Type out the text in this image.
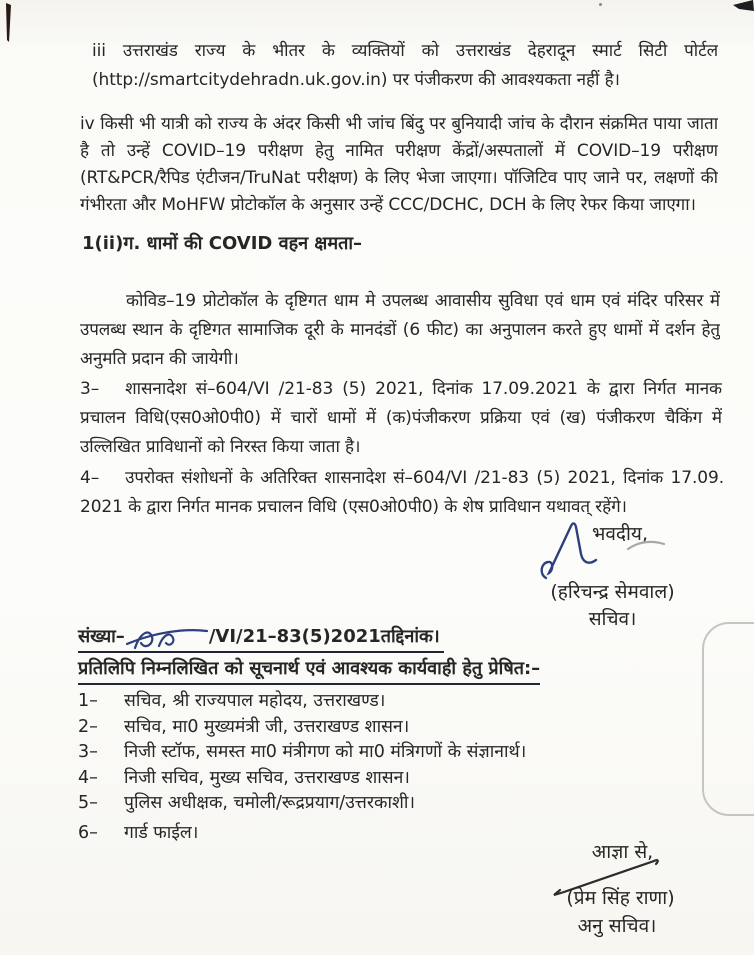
iii उत्तराखंड राज्य के भीतर के व्यक्तियों को उत्तराखंड देहरादून स्मार्ट सिटी पोर्टल (http://smartcitydehradn.uk.gov.in) पर पंजीकरण की आवश्यकता नहीं है।

iv किसी भी यात्री को राज्य के अंदर किसी भी जांच बिंदु पर बुनियादी जांच के दौरान संक्रमित पाया जाता है तो उन्हें COVID–19 परीक्षण हेतु नामित परीक्षण केंद्रों/अस्पतालों में COVID–19 परीक्षण (RT&PCR/रैपिड एंटीजन/TruNat परीक्षण) के लिए भेजा जाएगा। पॉजिटिव पाए जाने पर, लक्षणों की गंभीरता और MoHFW प्रोटोकॉल के अनुसार उन्हें CCC/DCHC, DCH के लिए रेफर किया जाएगा।

1(ii)ग. धामों की COVID वहन क्षमता–

कोविड–19 प्रोटोकॉल के दृष्टिगत धाम मे उपलब्ध आवासीय सुविधा एवं धाम एवं मंदिर परिसर में उपलब्ध स्थान के दृष्टिगत सामाजिक दूरी के मानदंडों (6 फीट) का अनुपालन करते हुए धामों में दर्शन हेतु अनुमति प्रदान की जायेगी।

3– शासनादेश सं–604/VI /21-83 (5) 2021, दिनांक 17.09.2021 के द्वारा निर्गत मानक प्रचालन विधि(एस0ओ0पी0) में चारों धामों में (क)पंजीकरण प्रक्रिया एवं (ख) पंजीकरण चैकिंग में उल्लिखित प्राविधानों को निरस्त किया जाता है।

4– उपरोक्त संशोधनों के अतिरिक्त शासनादेश सं–604/VI /21-83 (5) 2021, दिनांक 17.09. 2021 के द्वारा निर्गत मानक प्रचालन विधि (एस0ओ0पी0) के शेष प्राविधान यथावत् रहेंगे।

भवदीय,
(हरिचन्द्र सेमवाल)
सचिव।
संख्या–	/VI/21–83(5)2021तद्दिनांक।
प्रतिलिपि निम्नलिखित को सूचनार्थ एवं आवश्यक कार्यवाही हेतु प्रेषित:–
1–	सचिव, श्री राज्यपाल महोदय, उत्तराखण्ड।
2–	सचिव, मा0 मुख्यमंत्री जी, उत्तराखण्ड शासन।
3–	निजी स्टॉफ, समस्त मा0 मंत्रीगण को मा0 मंत्रिगणों के संज्ञानार्थ।
4–	निजी सचिव, मुख्य सचिव, उत्तराखण्ड शासन।
5–	पुलिस अधीक्षक, चमोली/रूद्रप्रयाग/उत्तरकाशी।
6–	गार्ड फाईल।
आज्ञा से,
(प्रेम सिंह राणा)
अनु सचिव।
